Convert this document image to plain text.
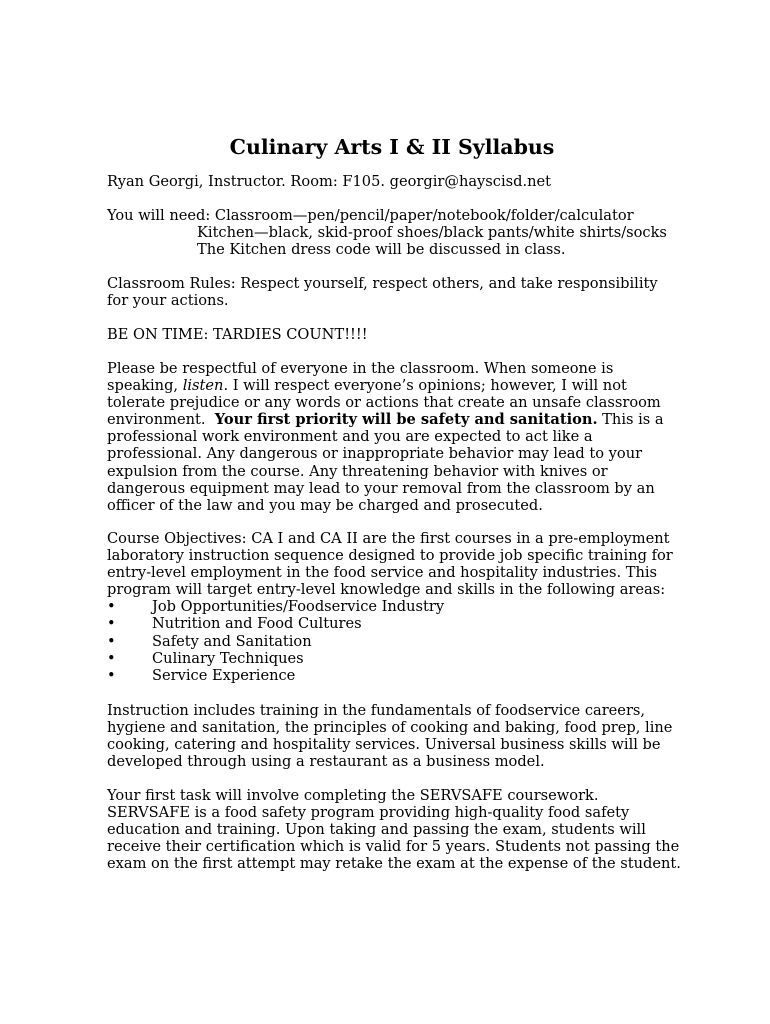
Culinary Arts I & II Syllabus

Ryan Georgi, Instructor. Room: F105. georgir@hayscisd.net

You will need: Classroom—pen/pencil/paper/notebook/folder/calculator
Kitchen—black, skid-proof shoes/black pants/white shirts/socks
The Kitchen dress code will be discussed in class.
Classroom Rules: Respect yourself, respect others, and take responsibility
for your actions.
BE ON TIME: TARDIES COUNT!!!!
Please be respectful of everyone in the classroom. When someone is
speaking, listen. I will respect everyone’s opinions; however, I will not
tolerate prejudice or any words or actions that create an unsafe classroom
environment.  Your first priority will be safety and sanitation. This is a
professional work environment and you are expected to act like a
professional. Any dangerous or inappropriate behavior may lead to your
expulsion from the course. Any threatening behavior with knives or
dangerous equipment may lead to your removal from the classroom by an
officer of the law and you may be charged and prosecuted.
Course Objectives: CA I and CA II are the first courses in a pre-employment
laboratory instruction sequence designed to provide job specific training for
entry-level employment in the food service and hospitality industries. This
program will target entry-level knowledge and skills in the following areas:
• Job Opportunities/Foodservice Industry
• Nutrition and Food Cultures
• Safety and Sanitation
• Culinary Techniques
• Service Experience
Instruction includes training in the fundamentals of foodservice careers,
hygiene and sanitation, the principles of cooking and baking, food prep, line
cooking, catering and hospitality services. Universal business skills will be
developed through using a restaurant as a business model.
Your first task will involve completing the SERVSAFE coursework.
SERVSAFE is a food safety program providing high-quality food safety
education and training. Upon taking and passing the exam, students will
receive their certification which is valid for 5 years. Students not passing the
exam on the first attempt may retake the exam at the expense of the student.
